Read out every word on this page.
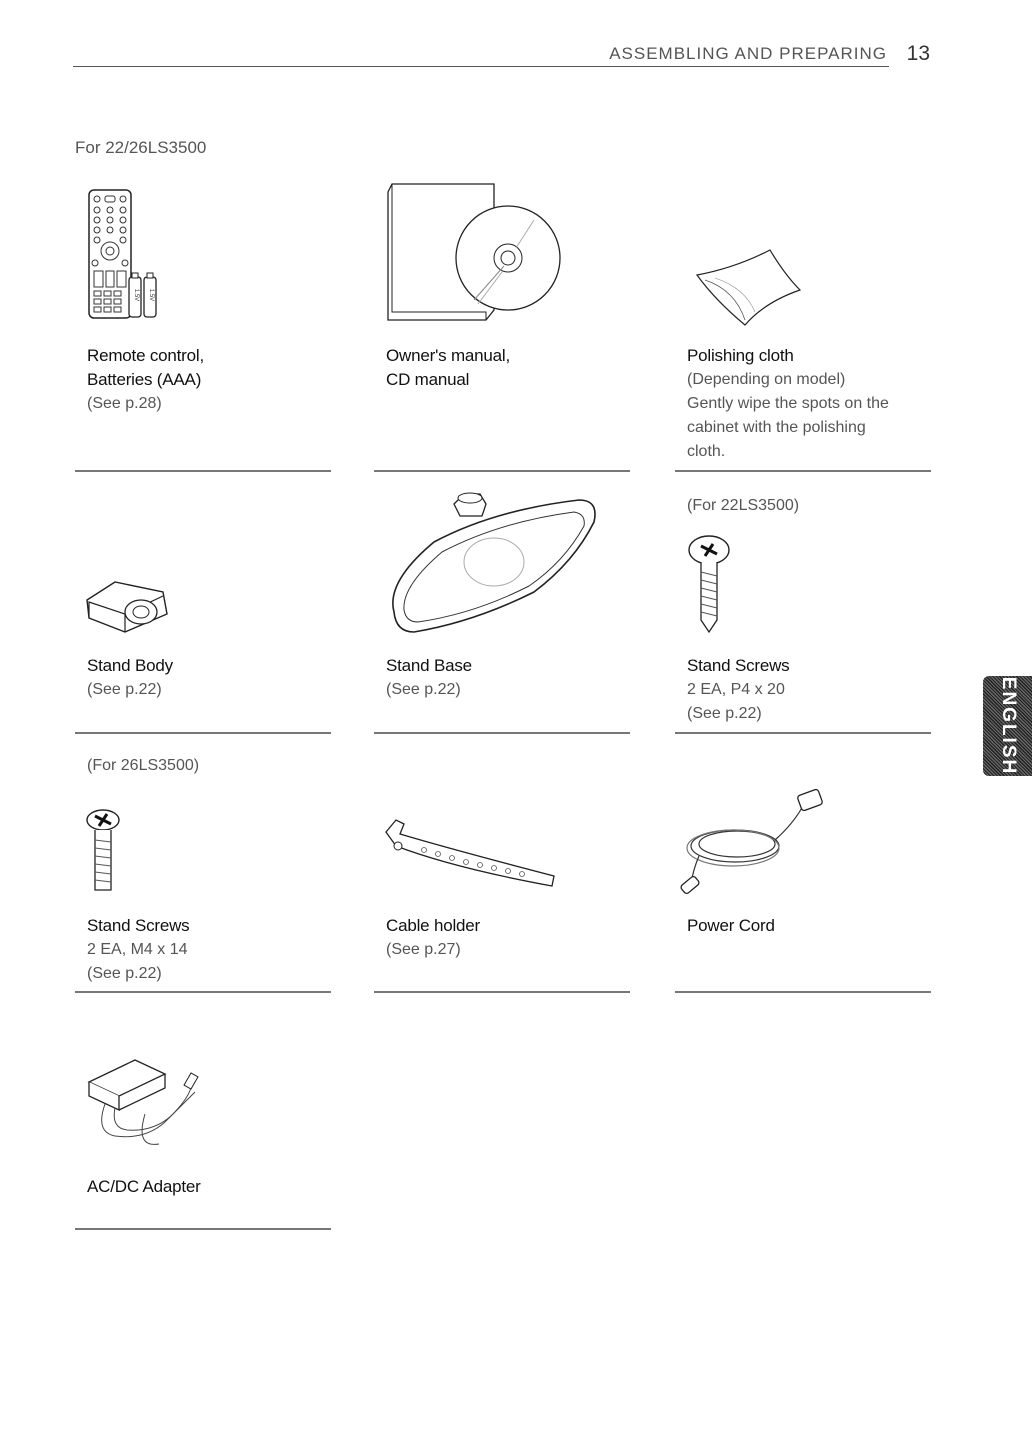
ASSEMBLING AND PREPARING 13
For 22/26LS3500
ENGLISH
1.5V 1.5V
Remote control,
Batteries (AAA)
(See p.28)
Owner's manual,
CD manual
Polishing cloth
(Depending on model)
Gently wipe the spots on the
cabinet with the polishing
cloth.
Stand Body
(See p.22)
Stand Base
(See p.22)
(For 22LS3500)
Stand Screws
2 EA, P4 x 20
(See p.22)
(For 26LS3500)
Stand Screws
2 EA, M4 x 14
(See p.22)
Cable holder
(See p.27)
Power Cord
AC/DC Adapter
